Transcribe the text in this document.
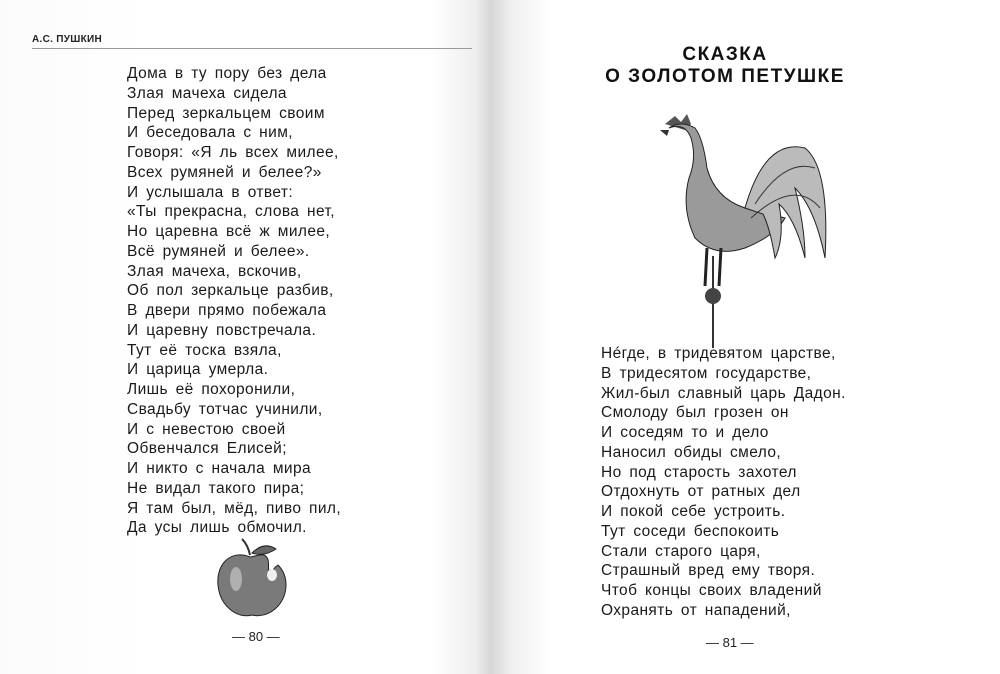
А.С. ПУШКИН
Дома в ту пору без дела
Злая мачеха сидела
Перед зеркальцем своим
И беседовала с ним,
Говоря: «Я ль всех милее,
Всех румяней и белее?»
И услышала в ответ:
«Ты прекрасна, слова нет,
Но царевна всё ж милее,
Всё румяней и белее».
Злая мачеха, вскочив,
Об пол зеркальце разбив,
В двери прямо побежала
И царевну повстречала.
Тут её тоска взяла,
И царица умерла.
Лишь её похоронили,
Свадьбу тотчас учинили,
И с невестою своей
Обвенчался Елисей;
И никто с начала мира
Не видал такого пира;
Я там был, мёд, пиво пил,
Да усы лишь обмочил.
— 80 —
СКАЗКА
О ЗОЛОТОМ ПЕТУШКЕ
Нéгде, в тридевятом царстве,
В тридесятом государстве,
Жил-был славный царь Дадон.
Смолоду был грозен он
И соседям то и дело
Наносил обиды смело,
Но под старость захотел
Отдохнуть от ратных дел
И покой себе устроить.
Тут соседи беспокоить
Стали старого царя,
Страшный вред ему творя.
Чтоб концы своих владений
Охранять от нападений,
— 81 —
